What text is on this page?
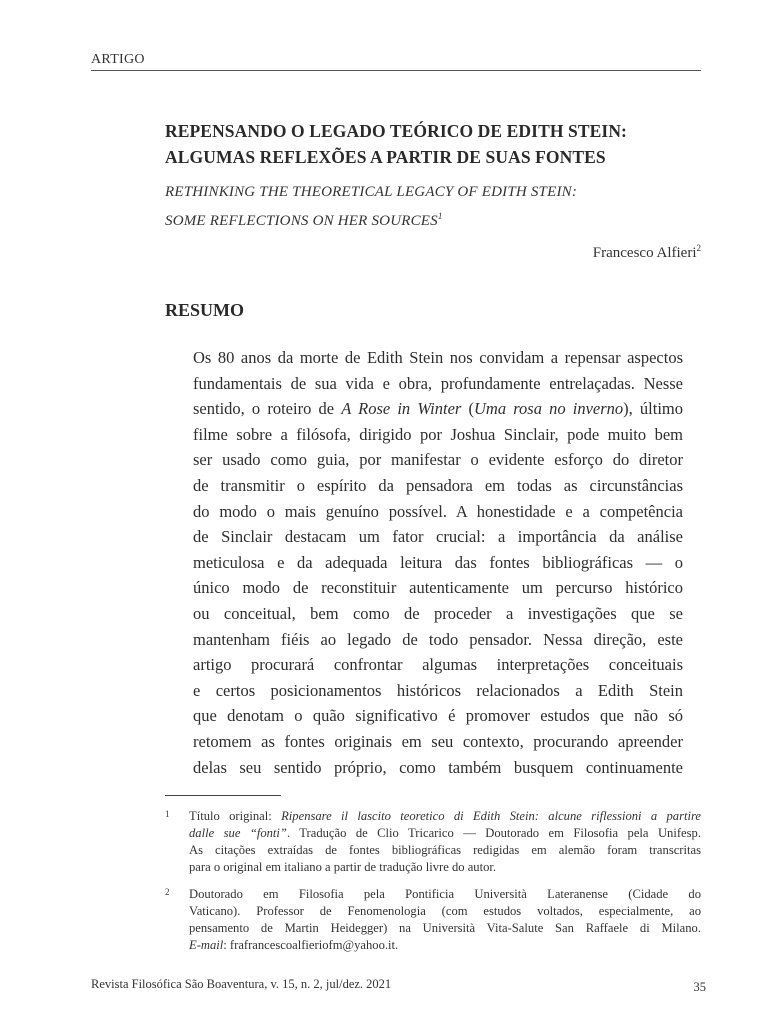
ARTIGO
REPENSANDO O LEGADO TEÓRICO DE EDITH STEIN:
ALGUMAS REFLEXÕES A PARTIR DE SUAS FONTES
RETHINKING THE THEORETICAL LEGACY OF EDITH STEIN:
SOME REFLECTIONS ON HER SOURCES$^1$
Francesco Alfieri$^2$
RESUMO
Os 80 anos da morte de Edith Stein nos convidam a repensar aspectos
fundamentais de sua vida e obra, profundamente entrelaçadas. Nesse
sentido, o roteiro de A Rose in Winter (Uma rosa no inverno), último
filme sobre a filósofa, dirigido por Joshua Sinclair, pode muito bem
ser usado como guia, por manifestar o evidente esforço do diretor
de transmitir o espírito da pensadora em todas as circunstâncias
do modo o mais genuíno possível. A honestidade e a competência
de Sinclair destacam um fator crucial: a importância da análise
meticulosa e da adequada leitura das fontes bibliográficas — o
único modo de reconstituir autenticamente um percurso histórico
ou conceitual, bem como de proceder a investigações que se
mantenham fiéis ao legado de todo pensador. Nessa direção, este
artigo procurará confrontar algumas interpretações conceituais
e certos posicionamentos históricos relacionados a Edith Stein
que denotam o quão significativo é promover estudos que não só
retomem as fontes originais em seu contexto, procurando apreender
delas seu sentido próprio, como também busquem continuamente
1 Título original: Ripensare il lascito teoretico di Edith Stein: alcune riflessioni a partire
dalle sue “fonti”. Tradução de Clio Tricarico — Doutorado em Filosofia pela Unifesp.
As citações extraídas de fontes bibliográficas redigidas em alemão foram transcritas
para o original em italiano a partir de tradução livre do autor.
2 Doutorado em Filosofia pela Pontificia Università Lateranense (Cidade do
Vaticano). Professor de Fenomenologia (com estudos voltados, especialmente, ao
pensamento de Martin Heidegger) na Università Vita-Salute San Raffaele di Milano.
E-mail: frafrancescoalfieriofm@yahoo.it.
Revista Filosófica São Boaventura, v. 15, n. 2, jul/dez. 2021	35
